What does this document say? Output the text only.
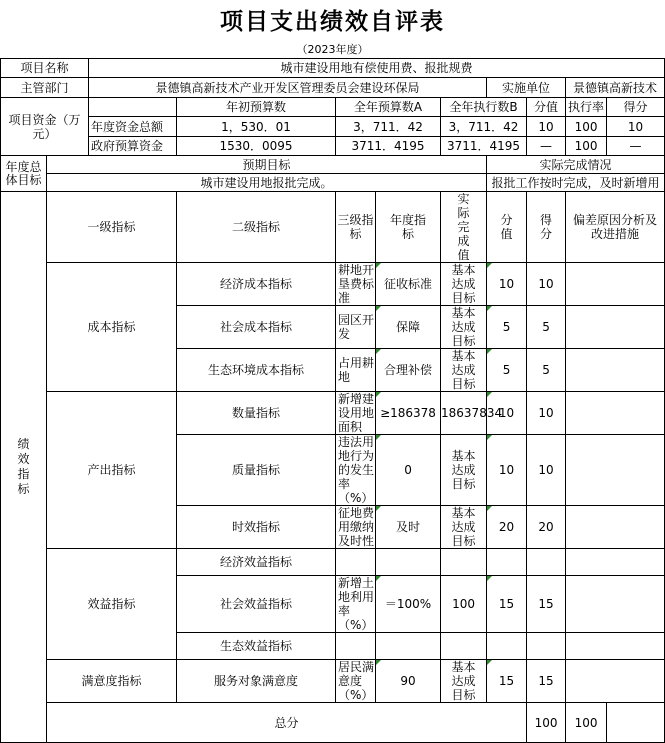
项目支出绩效自评表
（2023年度）
项目名称		城市建设用地有偿使用费、报批规费								
主管部门		景德镇高新技术产业开发区管理委员会建设环保局					实施单位		景德镇高新技术	
项目资金（万元）			年初预算数	全年预算数A		全年执行数B		分值	执行率	得分
		年度资金总额	1，530．01	3，711．42		3，711．42		10	100	10
		政府预算资金	1530．0095	3711．4195		3711．4195		—	100	—
年度总体目标	预期目标						实际完成情况			
	城市建设用地报批完成。						报批工作按时完成，及时新增用			
绩效指标	一级指标		二级指标	三级指标	年度指标	实际完成值	分值	得分	偏差原因分析及改进措施	
	成本指标		经济成本指标	耕地开垦费标准	征收标准	基本达成目标	10	10		
			社会成本指标	园区开发	保障	基本达成目标	5	5		
			生态环境成本指标	占用耕地	合理补偿	基本达成目标	5	5		
	产出指标		数量指标	新增建设用地面积	≥186378	18637834	10	10		
			质量指标	违法用地行为的发生率（%）	0	基本达成目标	10	10		
			时效指标	征地费用缴纳及时性	及时	基本达成目标	20	20		
	效益指标		经济效益指标							
			社会效益指标	新增土地利用率（%）	＝100%	100	15	15		
			生态效益指标							
	满意度指标		服务对象满意度	居民满意度（%）	90	基本达成目标	15	15		
	总分							100	100	
